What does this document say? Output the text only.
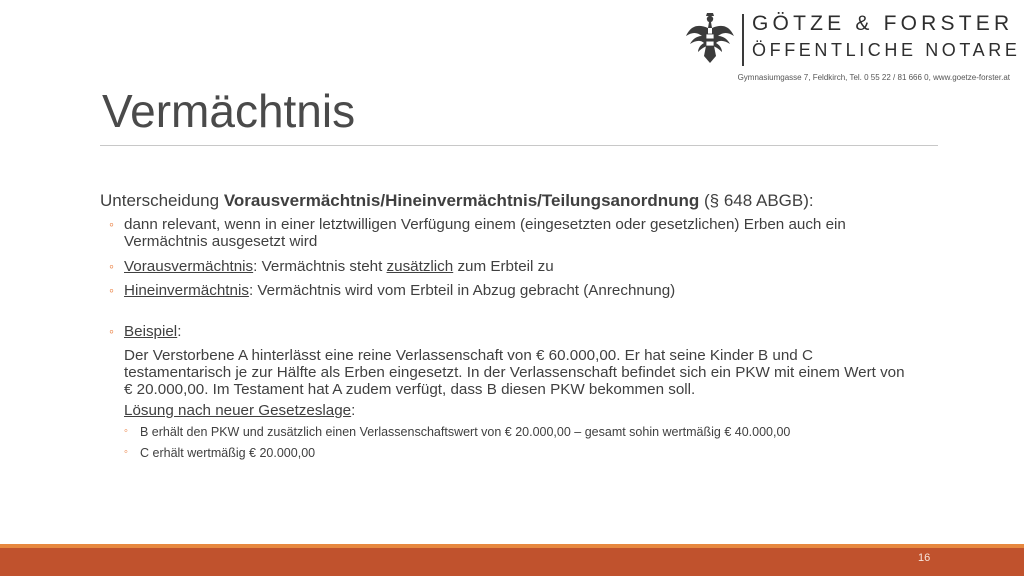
GÖTZE & FORSTER
ÖFFENTLICHE NOTARE
Gymnasiumgasse 7, Feldkirch, Tel. 0 55 22 / 81 666 0, www.goetze-forster.at
Vermächtnis
Unterscheidung Vorausvermächtnis/Hineinvermächtnis/Teilungsanordnung (§ 648 ABGB):
◦ dann relevant, wenn in einer letztwilligen Verfügung einem (eingesetzten oder gesetzlichen) Erben auch ein Vermächtnis ausgesetzt wird
◦ Vorausvermächtnis: Vermächtnis steht zusätzlich zum Erbteil zu
◦ Hineinvermächtnis: Vermächtnis wird vom Erbteil in Abzug gebracht (Anrechnung)
◦ Beispiel:
Der Verstorbene A hinterlässt eine reine Verlassenschaft von € 60.000,00. Er hat seine Kinder B und C testamentarisch je zur Hälfte als Erben eingesetzt. In der Verlassenschaft befindet sich ein PKW mit einem Wert von € 20.000,00. Im Testament hat A zudem verfügt, dass B diesen PKW bekommen soll.
Lösung nach neuer Gesetzeslage:
◦ B erhält den PKW und zusätzlich einen Verlassenschaftswert von € 20.000,00 – gesamt sohin wertmäßig € 40.000,00
◦ C erhält wertmäßig € 20.000,00
16
